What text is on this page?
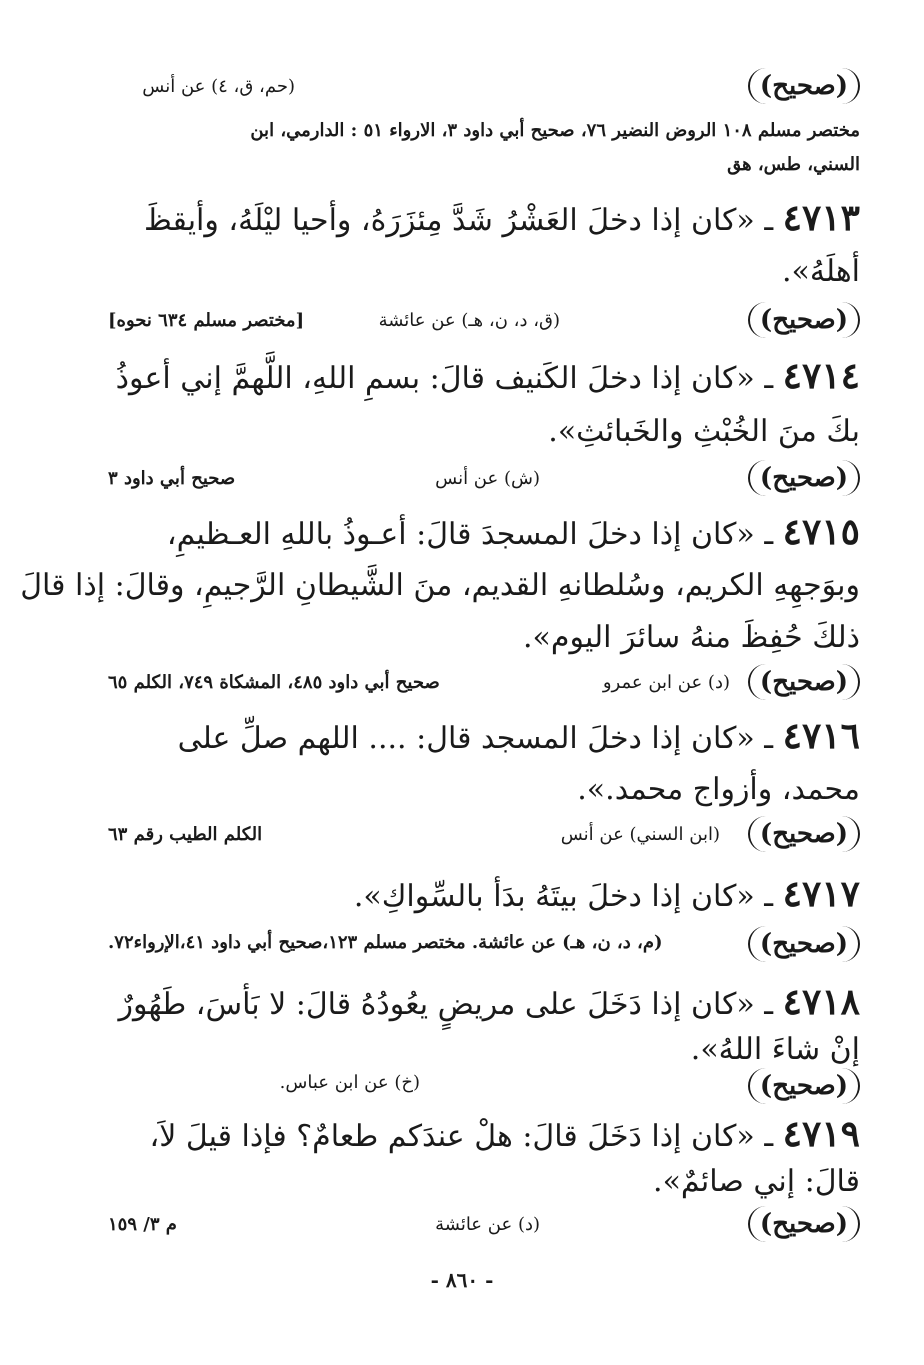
(صحيح)
(حم، ق، ٤) عن أنس
مختصر مسلم ١٠٨ الروض النضير ٧٦، صحيح أبي داود ٣، الارواء ٥١ : الدارمي، ابن
السني، طس، هق
٤٧١٣ ـ «كان إذا دخلَ العَشْرُ شَدَّ مِئزَرَهُ، وأحيا ليْلَهُ، وأيقظَ
أهلَهُ».
(صحيح)
(ق، د، ن، هـ) عن عائشة
[مختصر مسلم ٦٣٤ نحوه]
٤٧١٤ ـ «كان إذا دخلَ الكَنيف قالَ: بسمِ اللهِ، اللَّهمَّ إني أعوذُ
بكَ منَ الخُبْثِ والخَبائثِ».
(صحيح)
(ش) عن أنس
صحيح أبي داود ٣
٤٧١٥ ـ «كان إذا دخلَ المسجدَ قالَ: أعـوذُ باللهِ العـظيمِ،
وبوَجهِهِ الكريم، وسُلطانهِ القديم، منَ الشَّيطانِ الرَّجيمِ، وقالَ: إذا قالَ
ذلكَ حُفِظَ منهُ سائرَ اليوم».
(صحيح)
(د) عن ابن عمرو
صحيح أبي داود ٤٨٥، المشكاة ٧٤٩، الكلم ٦٥
٤٧١٦ ـ «كان إذا دخلَ المسجد قال: .... اللهم صلِّ على
محمد، وأزواج محمد.».
(صحيح)
(ابن السني) عن أنس
الكلم الطيب رقم ٦٣
٤٧١٧ ـ «كان إذا دخلَ بيتَهُ بدَأ بالسِّواكِ».
(صحيح)
(م، د، ن، هـ) عن عائشة. مختصر مسلم ١٢٣،صحيح أبي داود ٤١،الإرواء٧٢.
٤٧١٨ ـ «كان إذا دَخَلَ على مريضٍ يعُودُهُ قالَ: لا بَأسَ، طَهُورٌ
إنْ شاءَ اللهُ».
(صحيح)
(خ) عن ابن عباس.
٤٧١٩ ـ «كان إذا دَخَلَ قالَ: هلْ عندَكم طعامٌ؟ فإذا قيلَ لاَ،
قالَ: إني صائمٌ».
(صحيح)
(د) عن عائشة
م ٣/ ١٥٩
- ٨٦٠ -
